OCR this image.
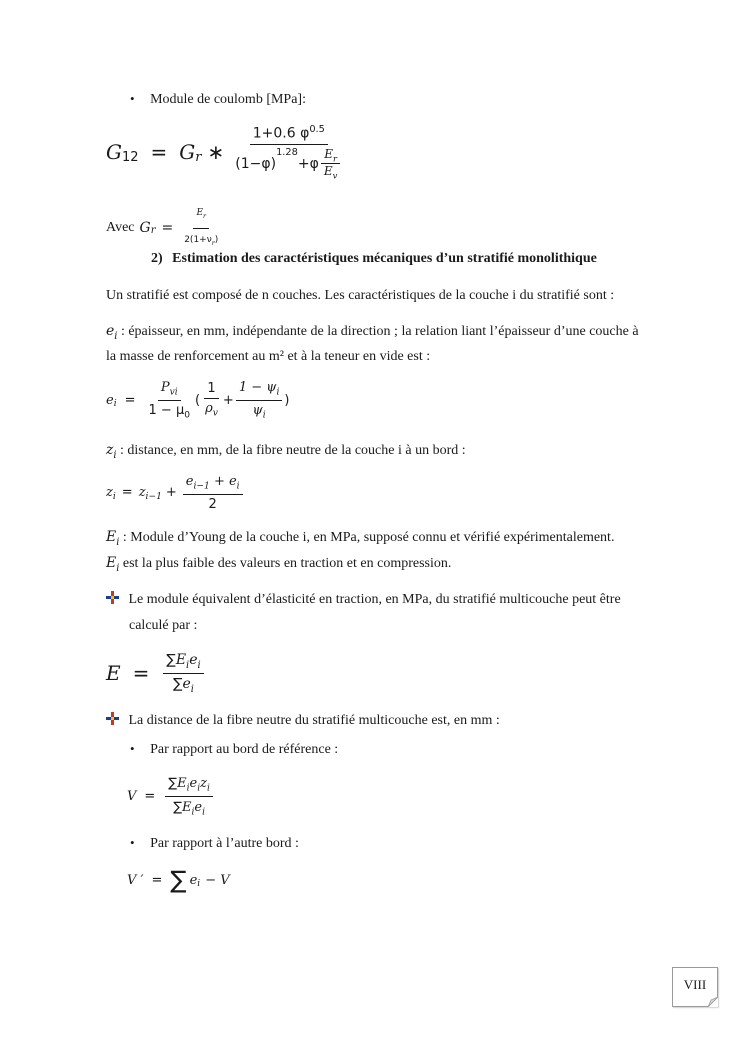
• Module de coulomb [MPa]:
$G_{12} = G_r$ ∗ 1+0.6 $\varphi^{0.5}$
(1−φ)
$^{1.28}$
$+\varphi \frac{E_r}{E_v}$
Avec $G_r = \frac{E_r}{2(1+\nu_r)}$
2) Estimation des caractéristiques mécaniques d’un stratifié monolithique
Un stratifié est composé de n couches. Les caractéristiques de la couche i du stratifié sont :
$e_i$ : épaisseur, en mm, indépendante de la direction ; la relation liant l’épaisseur d’une couche à
la masse de renforcement au m² et à la teneur en vide est :
$e_i = \frac{P_{vi}}{1 - \mu_0}$ ( $\frac{1}{\rho_v} + \frac{1 - \psi_i}{\psi_i}$ )
$z_i$ : distance, en mm, de la fibre neutre de la couche i à un bord :
$z_i = z_{i-1} + \frac{e_{i-1} + e_i}{2}$
$E_i$ : Module d’Young de la couche i, en MPa, supposé connu et vérifié expérimentalement.
$E_i$ est la plus faible des valeurs en traction et en compression.
Le module équivalent d’élasticité en traction, en MPa, du stratifié multicouche peut être
calculé par :
$E = \frac{\sum E_ie_i}{\sum e_i}$
La distance de la fibre neutre du stratifié multicouche est, en mm :
• Par rapport au bord de référence :
$V = \frac{\sum E_ie_iz_i}{\sum E_ie_i}$
• Par rapport à l’autre bord :
V ′ = ∑ $e_i - V$
VIII
